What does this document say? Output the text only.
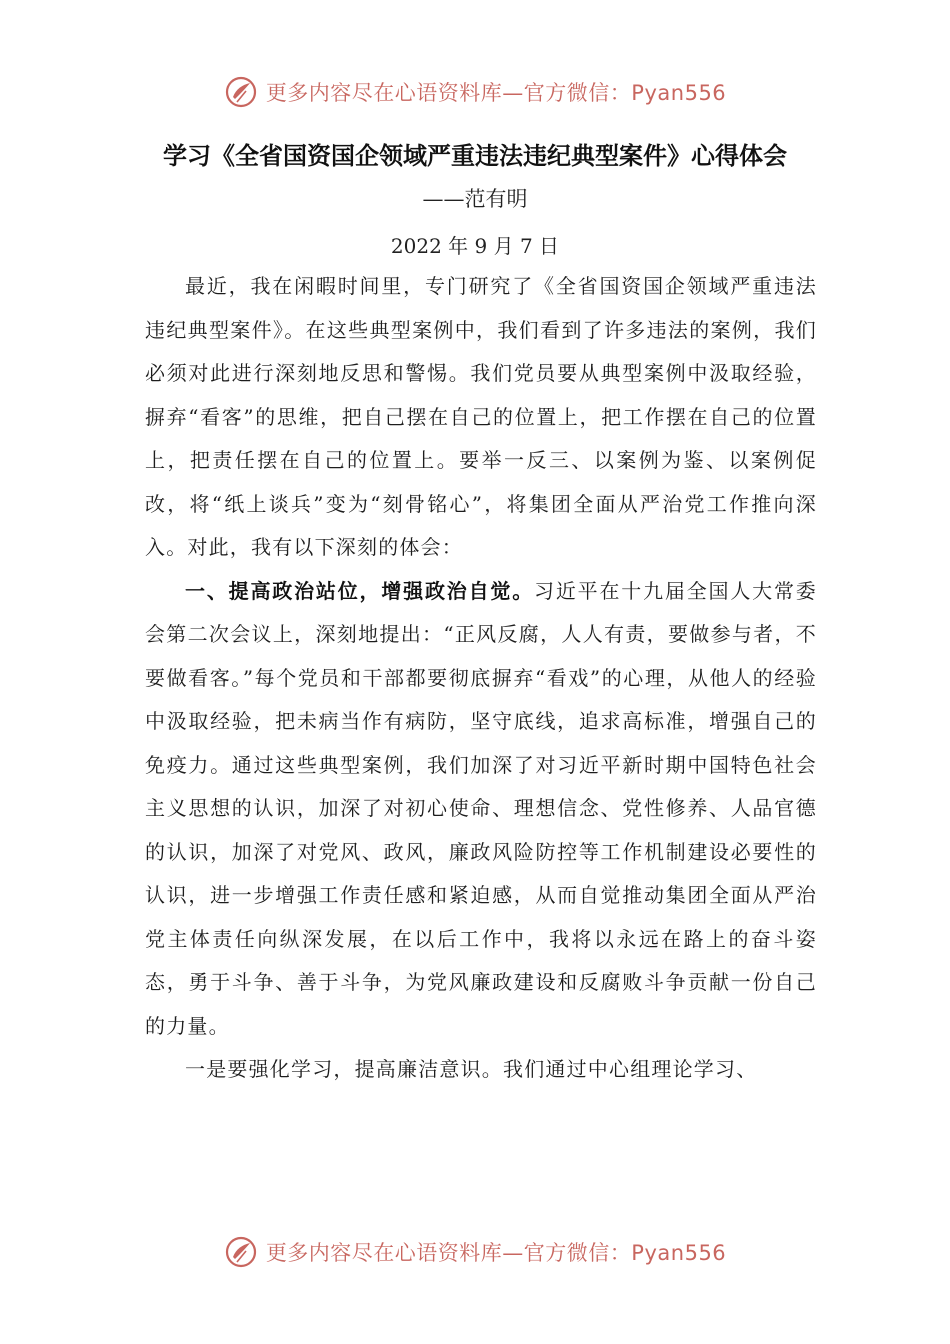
更多内容尽在心语资料库—官方微信：Pyan556
学习《全省国资国企领域严重违法违纪典型案件》心得体会
——范有明
2022 年 9 月 7 日

最近，我在闲暇时间里，专门研究了《全省国资国企领域严重违法违纪典型案件》。在这些典型案例中，我们看到了许多违法的案例，我们必须对此进行深刻地反思和警惕。我们党员要从典型案例中汲取经验，摒弃“看客”的思维，把自己摆在自己的位置上，把工作摆在自己的位置上，把责任摆在自己的位置上。要举一反三、以案例为鉴、以案例促改，将“纸上谈兵”变为“刻骨铭心”，将集团全面从严治党工作推向深入。对此，我有以下深刻的体会：

一、提高政治站位，增强政治自觉。习近平在十九届全国人大常委会第二次会议上，深刻地提出：“正风反腐，人人有责，要做参与者，不要做看客。”每个党员和干部都要彻底摒弃“看戏”的心理，从他人的经验中汲取经验，把未病当作有病防，坚守底线，追求高标准，增强自己的免疫力。通过这些典型案例，我们加深了对习近平新时期中国特色社会主义思想的认识，加深了对初心使命、理想信念、党性修养、人品官德的认识，加深了对党风、政风，廉政风险防控等工作机制建设必要性的认识，进一步增强工作责任感和紧迫感，从而自觉推动集团全面从严治党主体责任向纵深发展，在以后工作中，我将以永远在路上的奋斗姿态，勇于斗争、善于斗争，为党风廉政建设和反腐败斗争贡献一份自己的力量。

一是要强化学习，提高廉洁意识。我们通过中心组理论学习、

更多内容尽在心语资料库—官方微信：Pyan556
